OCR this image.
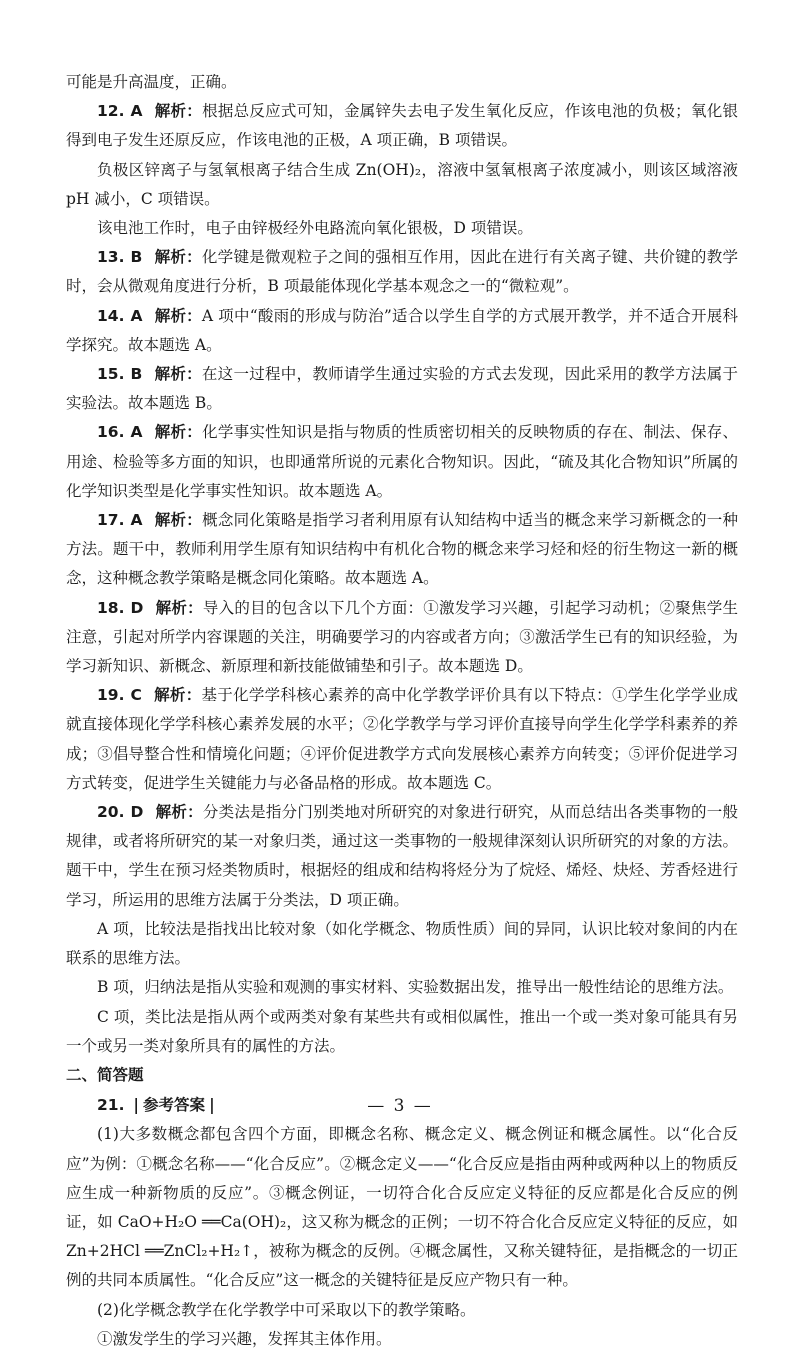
可能是升高温度，正确。

12. A 解析：根据总反应式可知，金属锌失去电子发生氧化反应，作该电池的负极；氧化银得到电子发生还原反应，作该电池的正极，A 项正确，B 项错误。

负极区锌离子与氢氧根离子结合生成 Zn(OH)₂，溶液中氢氧根离子浓度减小，则该区域溶液 pH 减小，C 项错误。

该电池工作时，电子由锌极经外电路流向氧化银极，D 项错误。

13. B 解析：化学键是微观粒子之间的强相互作用，因此在进行有关离子键、共价键的教学时，会从微观角度进行分析，B 项最能体现化学基本观念之一的“微粒观”。

14. A 解析：A 项中“酸雨的形成与防治”适合以学生自学的方式展开教学，并不适合开展科学探究。故本题选 A。

15. B 解析：在这一过程中，教师请学生通过实验的方式去发现，因此采用的教学方法属于实验法。故本题选 B。

16. A 解析：化学事实性知识是指与物质的性质密切相关的反映物质的存在、制法、保存、用途、检验等多方面的知识，也即通常所说的元素化合物知识。因此，“硫及其化合物知识”所属的化学知识类型是化学事实性知识。故本题选 A。

17. A 解析：概念同化策略是指学习者利用原有认知结构中适当的概念来学习新概念的一种方法。题干中，教师利用学生原有知识结构中有机化合物的概念来学习烃和烃的衍生物这一新的概念，这种概念教学策略是概念同化策略。故本题选 A。

18. D 解析：导入的目的包含以下几个方面：①激发学习兴趣，引起学习动机；②聚焦学生注意，引起对所学内容课题的关注，明确要学习的内容或者方向；③激活学生已有的知识经验，为学习新知识、新概念、新原理和新技能做铺垫和引子。故本题选 D。

19. C 解析：基于化学学科核心素养的高中化学教学评价具有以下特点：①学生化学学业成就直接体现化学学科核心素养发展的水平；②化学教学与学习评价直接导向学生化学学科素养的养成；③倡导整合性和情境化问题；④评价促进教学方式向发展核心素养方向转变；⑤评价促进学习方式转变，促进学生关键能力与必备品格的形成。故本题选 C。

20. D 解析：分类法是指分门别类地对所研究的对象进行研究，从而总结出各类事物的一般规律，或者将所研究的某一对象归类，通过这一类事物的一般规律深刻认识所研究的对象的方法。题干中，学生在预习烃类物质时，根据烃的组成和结构将烃分为了烷烃、烯烃、炔烃、芳香烃进行学习，所运用的思维方法属于分类法，D 项正确。

A 项，比较法是指找出比较对象（如化学概念、物质性质）间的异同，认识比较对象间的内在联系的思维方法。

B 项，归纳法是指从实验和观测的事实材料、实验数据出发，推导出一般性结论的思维方法。

C 项，类比法是指从两个或两类对象有某些共有或相似属性，推出一个或一类对象可能具有另一个或另一类对象所具有的属性的方法。

二、简答题

21. | 参考答案 |

(1)大多数概念都包含四个方面，即概念名称、概念定义、概念例证和概念属性。以“化合反应”为例：①概念名称——“化合反应”。②概念定义——“化合反应是指由两种或两种以上的物质反应生成一种新物质的反应”。③概念例证，一切符合化合反应定义特征的反应都是化合反应的例证，如 CaO+H₂O ══Ca(OH)₂，这又称为概念的正例；一切不符合化合反应定义特征的反应，如 Zn+2HCl ══ZnCl₂+H₂↑，被称为概念的反例。④概念属性，又称关键特征，是指概念的一切正例的共同本质属性。“化合反应”这一概念的关键特征是反应产物只有一种。

(2)化学概念教学在化学教学中可采取以下的教学策略。

①激发学生的学习兴趣，发挥其主体作用。

— 3 —
